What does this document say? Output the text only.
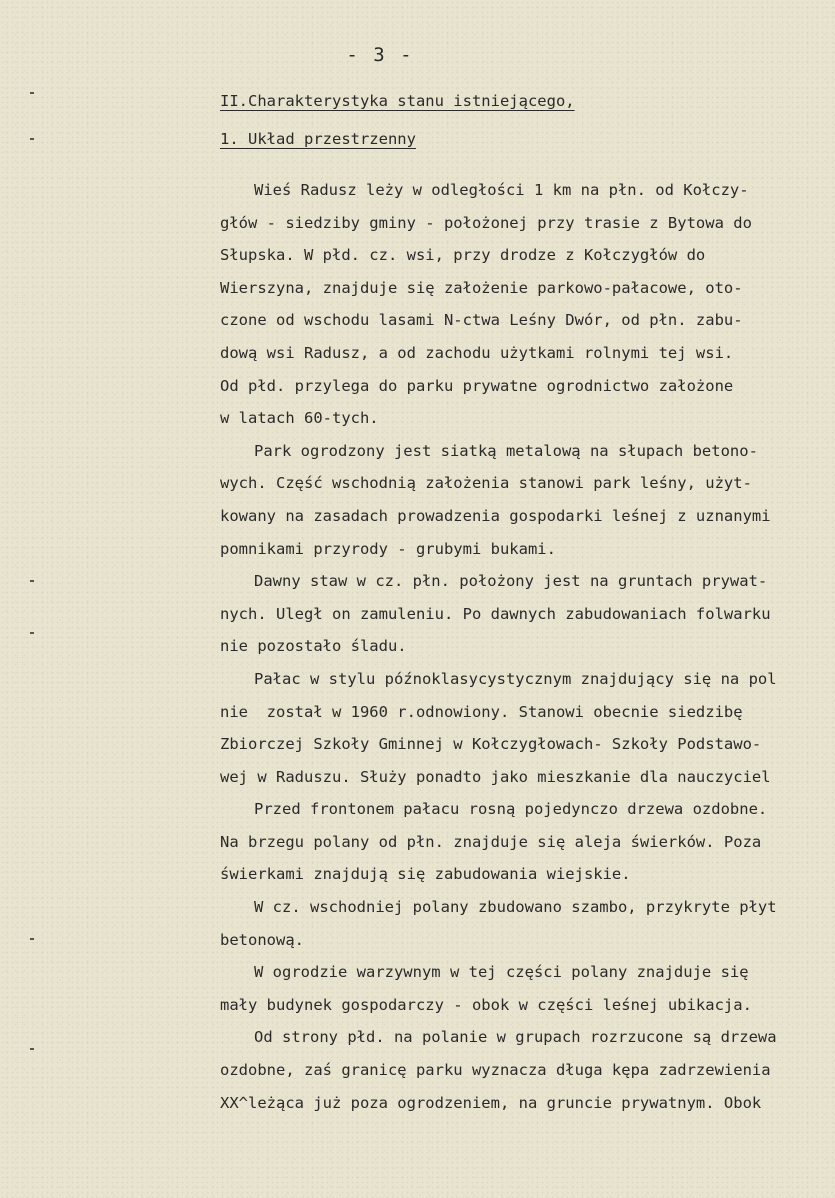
- 3 -
II.Charakterystyka stanu istniejącego,
1. Układ przestrzenny
Wieś Radusz leży w odległości 1 km na płn. od Kołczy-
głów - siedziby gminy - położonej przy trasie z Bytowa do
Słupska. W płd. cz. wsi, przy drodze z Kołczygłów do
Wierszyna, znajduje się założenie parkowo-pałacowe, oto-
czone od wschodu lasami N-ctwa Leśny Dwór, od płn. zabu-
dową wsi Radusz, a od zachodu użytkami rolnymi tej wsi.
Od płd. przylega do parku prywatne ogrodnictwo założone
w latach 60-tych.
Park ogrodzony jest siatką metalową na słupach betono-
wych. Część wschodnią założenia stanowi park leśny, użyt-
kowany na zasadach prowadzenia gospodarki leśnej z uznanymi
pomnikami przyrody - grubymi bukami.
Dawny staw w cz. płn. położony jest na gruntach prywat-
nych. Uległ on zamuleniu. Po dawnych zabudowaniach folwarku
nie pozostało śladu.
Pałac w stylu późnoklasycystycznym znajdujący się na pol
nie  został w 1960 r.odnowiony. Stanowi obecnie siedzibę
Zbiorczej Szkoły Gminnej w Kołczygłowach- Szkoły Podstawo-
wej w Raduszu. Służy ponadto jako mieszkanie dla nauczyciel
Przed frontonem pałacu rosną pojedynczo drzewa ozdobne.
Na brzegu polany od płn. znajduje się aleja świerków. Poza
świerkami znajdują się zabudowania wiejskie.
W cz. wschodniej polany zbudowano szambo, przykryte płyt
betonową.
W ogrodzie warzywnym w tej części polany znajduje się
mały budynek gospodarczy - obok w części leśnej ubikacja.
Od strony płd. na polanie w grupach rozrzucone są drzewa
ozdobne, zaś granicę parku wyznacza długa kępa zadrzewienia
XX^leżąca już poza ogrodzeniem, na gruncie prywatnym. Obok
